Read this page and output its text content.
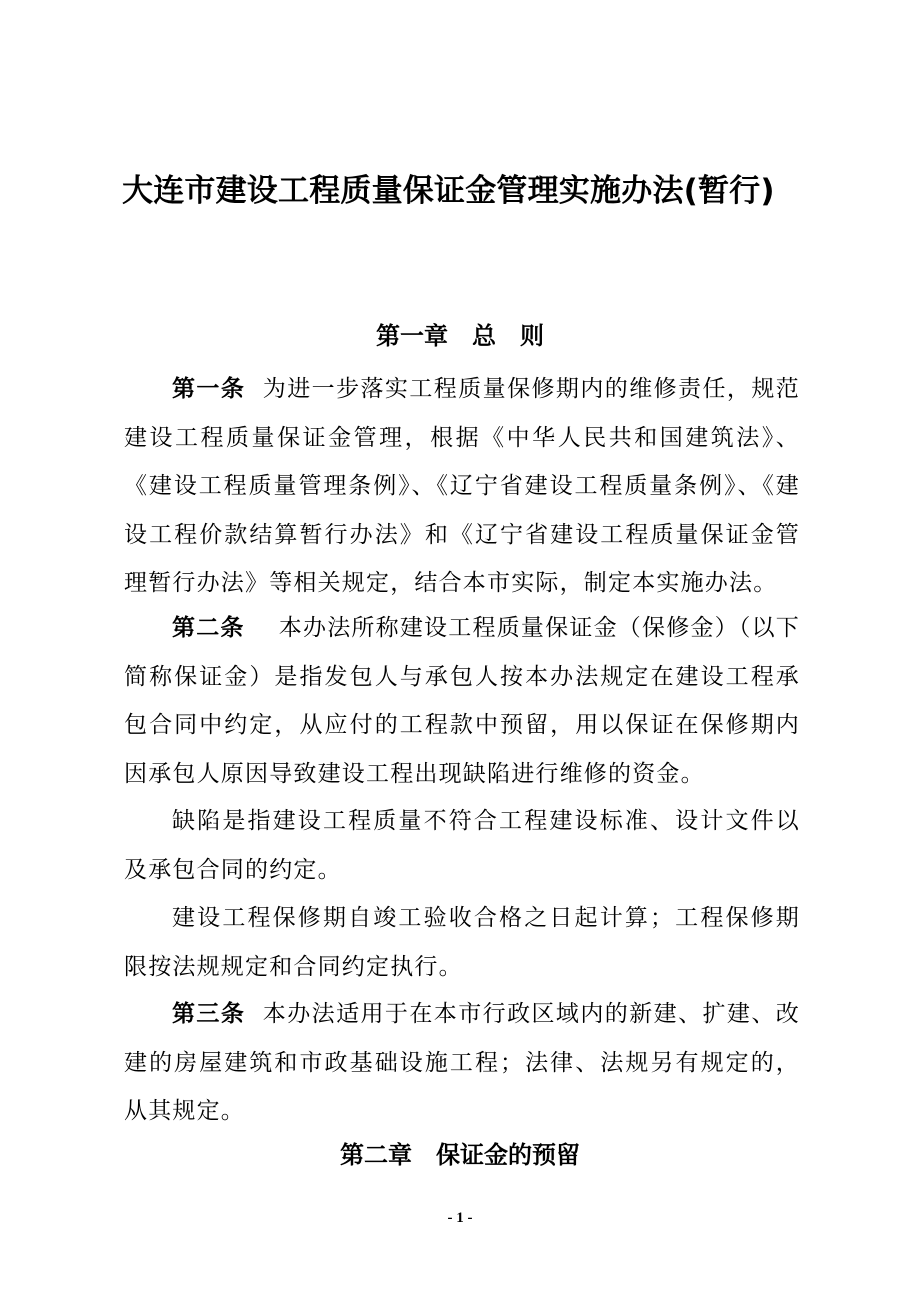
大连市建设工程质量保证金管理实施办法(暂行)
第一章　总　则
第一条 为进一步落实工程质量保修期内的维修责任，规范建设工程质量保证金管理，根据《中华人民共和国建筑法》、《建设工程质量管理条例》、《辽宁省建设工程质量条例》、《建设工程价款结算暂行办法》和《辽宁省建设工程质量保证金管理暂行办法》等相关规定，结合本市实际，制定本实施办法。
第二条 本办法所称建设工程质量保证金（保修金）（以下简称保证金）是指发包人与承包人按本办法规定在建设工程承包合同中约定，从应付的工程款中预留，用以保证在保修期内因承包人原因导致建设工程出现缺陷进行维修的资金。
缺陷是指建设工程质量不符合工程建设标准、设计文件以及承包合同的约定。
建设工程保修期自竣工验收合格之日起计算；工程保修期限按法规规定和合同约定执行。
第三条 本办法适用于在本市行政区域内的新建、扩建、改建的房屋建筑和市政基础设施工程；法律、法规另有规定的，从其规定。
第二章　保证金的预留
- 1 -
